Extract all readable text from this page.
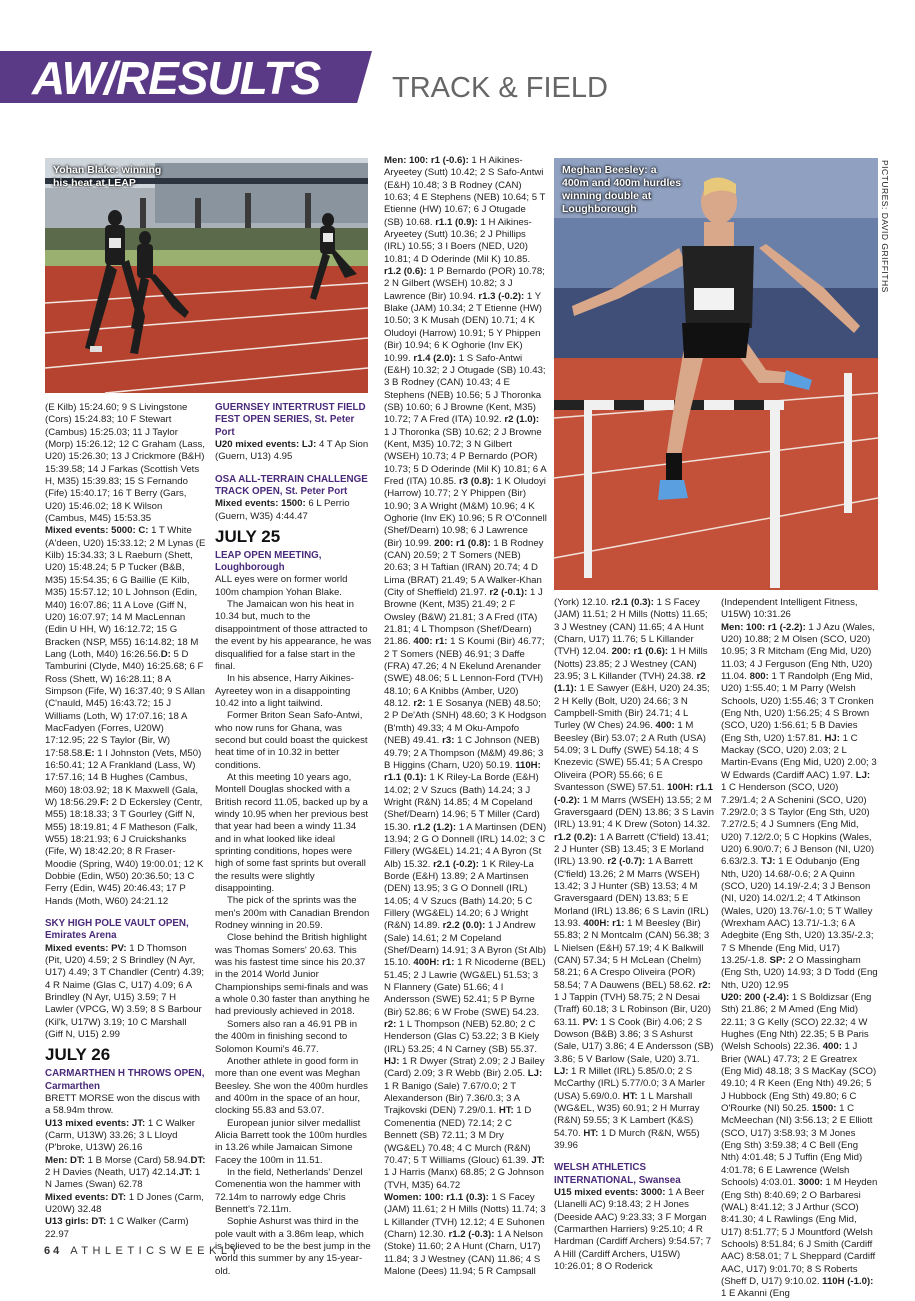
AW/RESULTS TRACK & FIELD
PICTURES: DAVID GRIFFITHS
Yohan Blake: winning
his heat at LEAP
Meghan Beesley: a
400m and 400m hurdles
winning double at
Loughborough

(E Kilb) 15:24.60; 9 S Livingstone (Cors) 15:24.83; 10 F Stewart (Cambus) 15:25.03; 11 J Taylor (Morp) 15:26.12; 12 C Graham (Lass, U20) 15:26.30; 13 J Crickmore (B&H) 15:39.58; 14 J Farkas (Scottish Vets H, M35) 15:39.83; 15 S Fernando (Fife) 15:40.17; 16 T Berry (Gars, U20) 15:46.02; 18 K Wilson (Cambus, M45) 15:53.35

Mixed events: 5000: C: 1 T White (A'deen, U20) 15:33.12; 2 M Lynas (E Kilb) 15:34.33; 3 L Raeburn (Shett, U20) 15:48.24; 5 P Tucker (B&B, M35) 15:54.35; 6 G Baillie (E Kilb, M35) 15:57.12; 10 L Johnson (Edin, M40) 16:07.86; 11 A Love (Giff N, U20) 16:07.97; 14 M MacLennan (Edin U HH, W) 16:12.72; 15 G Bracken (NSP, M55) 16:14.82; 18 M Lang (Loth, M40) 16:26.56.D: 5 D Tamburini (Clyde, M40) 16:25.68; 6 F Ross (Shett, W) 16:28.11; 8 A Simpson (Fife, W) 16:37.40; 9 S Allan (C'nauld, M45) 16:43.72; 15 J Williams (Loth, W) 17:07.16; 18 A MacFadyen (Forres, U20W) 17:12.95; 22 S Taylor (Bir, W) 17:58.58.E: 1 I Johnston (Vets, M50) 16:50.41; 12 A Frankland (Lass, W) 17:57.16; 14 B Hughes (Cambus, M60) 18:03.92; 18 K Maxwell (Gala, W) 18:56.29.F: 2 D Eckersley (Centr, M55) 18:18.33; 3 T Gourley (Giff N, M55) 18:19.81; 4 F Matheson (Falk, W55) 18:21.93; 6 J Cruickshanks (Fife, W) 18:42.20; 8 R Fraser-Moodie (Spring, W40) 19:00.01; 12 K Dobbie (Edin, W50) 20:36.50; 13 C Ferry (Edin, W45) 20:46.43; 17 P Hands (Moth, W60) 24:21.12

SKY HIGH POLE VAULT OPEN,

Emirates Arena

Mixed events: PV: 1 D Thomson (Pit, U20) 4.59; 2 S Brindley (N Ayr, U17) 4.49; 3 T Chandler (Centr) 4.39; 4 R Naime (Glas C, U17) 4.09; 6 A Brindley (N Ayr, U15) 3.59; 7 H Lawler (VPCG, W) 3.59; 8 S Barbour (Kil'k, U17W) 3.19; 10 C Marshall (Giff N, U15) 2.99

JULY 26

CARMARTHEN H THROWS OPEN,

Carmarthen

BRETT MORSE won the discus with a 58.94m throw.

U13 mixed events: JT: 1 C Walker (Carm, U13W) 33.26; 3 L Lloyd (P'broke, U13W) 26.16

Men: DT: 1 B Morse (Card) 58.94.DT: 2 H Davies (Neath, U17) 42.14.JT: 1 N James (Swan) 62.78

Mixed events: DT: 1 D Jones (Carm, U20W) 32.48

U13 girls: DT: 1 C Walker (Carm) 22.97

GUERNSEY INTERTRUST FIELD FEST OPEN SERIES, St. Peter Port

U20 mixed events: LJ: 4 T Ap Sion (Guern, U13) 4.95

OSA ALL-TERRAIN CHALLENGE TRACK OPEN, St. Peter Port

Mixed events: 1500: 6 L Perrio (Guern, W35) 4:44.47

JULY 25

LEAP OPEN MEETING, Loughborough

ALL eyes were on former world 100m champion Yohan Blake.

The Jamaican won his heat in 10.34 but, much to the disappointment of those attracted to the event by his appearance, he was disqualified for a false start in the final.

In his absence, Harry Aikines-Ayreetey won in a disappointing 10.42 into a light tailwind.

Former Briton Sean Safo-Antwi, who now runs for Ghana, was second but could boast the quickest heat time of in 10.32 in better conditions.

At this meeting 10 years ago, Montell Douglas shocked with a British record 11.05, backed up by a windy 10.95 when her previous best that year had been a windy 11.34 and in what looked like ideal sprinting conditions, hopes were high of some fast sprints but overall the results were slightly disappointing.

The pick of the sprints was the men's 200m with Canadian Brendon Rodney winning in 20.59.

Close behind the British highlight was Thomas Somers' 20.63. This was his fastest time since his 20.37 in the 2014 World Junior Championships semi-finals and was a whole 0.30 faster than anything he had previously achieved in 2018.

Somers also ran a 46.91 PB in the 400m in finishing second to Solomon Koumi's 46.77.

Another athlete in good form in more than one event was Meghan Beesley. She won the 400m hurdles and 400m in the space of an hour, clocking 55.83 and 53.07.

European junior silver medallist Alicia Barrett took the 100m hurdles in 13.26 while Jamaican Simone Facey the 100m in 11.51.

In the field, Netherlands' Denzel Comenentia won the hammer with 72.14m to narrowly edge Chris Bennett's 72.11m.

Sophie Ashurst was third in the pole vault with a 3.86m leap, which is believed to be the best jump in the world this summer by any 15-year-old.

Men: 100: r1 (-0.6): 1 H Aikines-Aryeetey (Sutt) 10.42; 2 S Safo-Antwi (E&H) 10.48; 3 B Rodney (CAN) 10.63; 4 E Stephens (NEB) 10.64; 5 T Etienne (HW) 10.67; 6 J Otugade (SB) 10.68. r1.1 (0.9): 1 H Aikines-Aryeetey (Sutt) 10.36; 2 J Phillips (IRL) 10.55; 3 I Boers (NED, U20) 10.81; 4 D Oderinde (Mil K) 10.85. r1.2 (0.6): 1 P Bernardo (POR) 10.78; 2 N Gilbert (WSEH) 10.82; 3 J Lawrence (Bir) 10.94. r1.3 (-0.2): 1 Y Blake (JAM) 10.34; 2 T Etienne (HW) 10.50; 3 K Musah (DEN) 10.71; 4 K Oludoyi (Harrow) 10.91; 5 Y Phippen (Bir) 10.94; 6 K Oghorie (Inv EK) 10.99. r1.4 (2.0): 1 S Safo-Antwi (E&H) 10.32; 2 J Otugade (SB) 10.43; 3 B Rodney (CAN) 10.43; 4 E Stephens (NEB) 10.56; 5 J Thoronka (SB) 10.60; 6 J Browne (Kent, M35) 10.72; 7 A Fred (ITA) 10.92. r2 (1.0): 1 J Thoronka (SB) 10.62; 2 J Browne (Kent, M35) 10.72; 3 N Gilbert (WSEH) 10.73; 4 P Bernardo (POR) 10.73; 5 D Oderinde (Mil K) 10.81; 6 A Fred (ITA) 10.85. r3 (0.8): 1 K Oludoyi (Harrow) 10.77; 2 Y Phippen (Bir) 10.90; 3 A Wright (M&M) 10.96; 4 K Oghorie (Inv EK) 10.96; 5 R O'Connell (Shef/Dearn) 10.98; 6 J Lawrence (Bir) 10.99. 200: r1 (0.8): 1 B Rodney (CAN) 20.59; 2 T Somers (NEB) 20.63; 3 H Taftian (IRAN) 20.74; 4 D Lima (BRAT) 21.49; 5 A Walker-Khan (City of Sheffield) 21.97. r2 (-0.1): 1 J Browne (Kent, M35) 21.49; 2 F Owsley (B&W) 21.81; 3 A Fred (ITA) 21.81; 4 L Thompson (Shef/Dearn) 21.86. 400: r1: 1 S Koumi (Bir) 46.77; 2 T Somers (NEB) 46.91; 3 Daffe (FRA) 47.26; 4 N Ekelund Arenander (SWE) 48.06; 5 L Lennon-Ford (TVH) 48.10; 6 A Knibbs (Amber, U20) 48.12. r2: 1 E Sosanya (NEB) 48.50; 2 P De'Ath (SNH) 48.60; 3 K Hodgson (B'mth) 49.33; 4 M Oku-Ampofo (NEB) 49.41. r3: 1 C Johnson (NEB) 49.79; 2 A Thompson (M&M) 49.86; 3 B Higgins (Charn, U20) 50.19. 110H: r1.1 (0.1): 1 K Riley-La Borde (E&H) 14.02; 2 V Szucs (Bath) 14.24; 3 J Wright (R&N) 14.85; 4 M Copeland (Shef/Dearn) 14.96; 5 T Miller (Card) 15.30. r1.2 (1.2): 1 A Martinsen (DEN) 13.94; 2 G O Donnell (IRL) 14.02; 3 C Fillery (WG&EL) 14.21; 4 A Byron (St Alb) 15.32. r2.1 (-0.2): 1 K Riley-La Borde (E&H) 13.89; 2 A Martinsen (DEN) 13.95; 3 G O Donnell (IRL) 14.05; 4 V Szucs (Bath) 14.20; 5 C Fillery (WG&EL) 14.20; 6 J Wright (R&N) 14.89. r2.2 (0.0): 1 J Andrew (Sale) 14.61; 2 M Copeland (Shef/Dearn) 14.91; 3 A Byron (St Alb) 15.10. 400H: r1: 1 R Nicoderne (BEL) 51.45; 2 J Lawrie (WG&EL) 51.53; 3 N Flannery (Gate) 51.66; 4 I Andersson (SWE) 52.41; 5 P Byrne (Bir) 52.86; 6 W Frobe (SWE) 54.23. r2: 1 L Thompson (NEB) 52.80; 2 C Henderson (Glas C) 53.22; 3 B Kiely (IRL) 53.25; 4 N Carney (SB) 55.37. HJ: 1 R Dwyer (Strat) 2.09; 2 J Bailey (Card) 2.09; 3 R Webb (Bir) 2.05. LJ: 1 R Banigo (Sale) 7.67/0.0; 2 T Alexanderson (Bir) 7.36/0.3; 3 A Trajkovski (DEN) 7.29/0.1. HT: 1 D Comenentia (NED) 72.14; 2 C Bennett (SB) 72.11; 3 M Dry (WG&EL) 70.48; 4 C Murch (R&N) 70.47; 5 T Williams (Glouc) 61.39. JT: 1 J Harris (Manx) 68.85; 2 G Johnson (TVH, M35) 64.72

Women: 100: r1.1 (0.3): 1 S Facey (JAM) 11.61; 2 H Mills (Notts) 11.74; 3 L Killander (TVH) 12.12; 4 E Suhonen (Charn) 12.30. r1.2 (-0.3): 1 A Nelson (Stoke) 11.60; 2 A Hunt (Charn, U17) 11.84; 3 J Westney (CAN) 11.86; 4 S Malone (Dees) 11.94; 5 R Campsall

(York) 12.10. r2.1 (0.3): 1 S Facey (JAM) 11.51; 2 H Mills (Notts) 11.65; 3 J Westney (CAN) 11.65; 4 A Hunt (Charn, U17) 11.76; 5 L Killander (TVH) 12.04. 200: r1 (0.6): 1 H Mills (Notts) 23.85; 2 J Westney (CAN) 23.95; 3 L Killander (TVH) 24.38. r2 (1.1): 1 E Sawyer (E&H, U20) 24.35; 2 H Kelly (Bolt, U20) 24.66; 3 N Campbell-Smith (Bir) 24.71; 4 L Turley (W Ches) 24.96. 400: 1 M Beesley (Bir) 53.07; 2 A Ruth (USA) 54.09; 3 L Duffy (SWE) 54.18; 4 S Knezevic (SWE) 55.41; 5 A Crespo Oliveira (POR) 55.66; 6 E Svantesson (SWE) 57.51. 100H: r1.1 (-0.2): 1 M Marrs (WSEH) 13.55; 2 M Graversgaard (DEN) 13.86; 3 S Lavin (IRL) 13.91; 4 K Drew (Soton) 14.32. r1.2 (0.2): 1 A Barrett (C'field) 13.41; 2 J Hunter (SB) 13.45; 3 E Morland (IRL) 13.90. r2 (-0.7): 1 A Barrett (C'field) 13.26; 2 M Marrs (WSEH) 13.42; 3 J Hunter (SB) 13.53; 4 M Graversgaard (DEN) 13.83; 5 E Morland (IRL) 13.86; 6 S Lavin (IRL) 13.93. 400H: r1: 1 M Beesley (Bir) 55.83; 2 N Montcalm (CAN) 56.38; 3 L Nielsen (E&H) 57.19; 4 K Balkwill (CAN) 57.34; 5 H McLean (Chelm) 58.21; 6 A Crespo Oliveira (POR) 58.54; 7 A Dauwens (BEL) 58.62. r2: 1 J Tappin (TVH) 58.75; 2 N Desai (Traff) 60.18; 3 L Robinson (Bir, U20) 63.11. PV: 1 S Cook (Bir) 4.06; 2 S Dowson (B&B) 3.86; 3 S Ashurst (Sale, U17) 3.86; 4 E Andersson (SB) 3.86; 5 V Barlow (Sale, U20) 3.71. LJ: 1 R Millet (IRL) 5.85/0.0; 2 S McCarthy (IRL) 5.77/0.0; 3 A Marler (USA) 5.69/0.0. HT: 1 L Marshall (WG&EL, W35) 60.91; 2 H Murray (R&N) 59.55; 3 K Lambert (K&S) 54.70. HT: 1 D Murch (R&N, W55) 39.96

WELSH ATHLETICS INTERNATIONAL, Swansea

U15 mixed events: 3000: 1 A Beer (Llanelli AC) 9:18.43; 2 H Jones (Deeside AAC) 9:23.33; 3 F Morgan (Carmarthen Harriers) 9:25.10; 4 R Hardman (Cardiff Archers) 9:54.57; 7 A Hill (Cardiff Archers, U15W) 10:26.01; 8 O Roderick

(Independent Intelligent Fitness, U15W) 10:31.26

Men: 100: r1 (-2.2): 1 J Azu (Wales, U20) 10.88; 2 M Olsen (SCO, U20) 10.95; 3 R Mitcham (Eng Mid, U20) 11.03; 4 J Ferguson (Eng Nth, U20) 11.04. 800: 1 T Randolph (Eng Mid, U20) 1:55.40; 1 M Parry (Welsh Schools, U20) 1:55.46; 3 T Cronken (Eng Nth, U20) 1:56.25; 4 S Brown (SCO, U20) 1:56.61; 5 B Davies (Eng Sth, U20) 1:57.81. HJ: 1 C Mackay (SCO, U20) 2.03; 2 L Martin-Evans (Eng Mid, U20) 2.00; 3 W Edwards (Cardiff AAC) 1.97. LJ: 1 C Henderson (SCO, U20) 7.29/1.4; 2 A Schenini (SCO, U20) 7.29/2.0; 3 S Taylor (Eng Sth, U20) 7.27/2.5; 4 J Sumners (Eng Mid, U20) 7.12/2.0; 5 C Hopkins (Wales, U20) 6.90/0.7; 6 J Benson (NI, U20) 6.63/2.3. TJ: 1 E Odubanjo (Eng Nth, U20) 14.68/-0.6; 2 A Quinn (SCO, U20) 14.19/-2.4; 3 J Benson (NI, U20) 14.02/1.2; 4 T Atkinson (Wales, U20) 13.76/-1.0; 5 T Walley (Wrexham AAC) 13.71/-1.3; 6 A Adegbite (Eng Sth, U20) 13.35/-2.3; 7 S Mhende (Eng Mid, U17) 13.25/-1.8. SP: 2 O Massingham (Eng Sth, U20) 14.93; 3 D Todd (Eng Nth, U20) 12.95

U20: 200 (-2.4): 1 S Boldizsar (Eng Sth) 21.86; 2 M Amed (Eng Mid) 22.11; 3 G Kelly (SCO) 22.32; 4 W Hughes (Eng Nth) 22.35; 5 B Paris (Welsh Schools) 22.36. 400: 1 J Brier (WAL) 47.73; 2 E Greatrex (Eng Mid) 48.18; 3 S MacKay (SCO) 49.10; 4 R Keen (Eng Nth) 49.26; 5 J Hubbock (Eng Sth) 49.80; 6 C O'Rourke (NI) 50.25. 1500: 1 C McMeechan (NI) 3:56.13; 2 E Elliott (SCO, U17) 3:58.93; 3 M Jones (Eng Sth) 3:59.38; 4 C Bell (Eng Nth) 4:01.48; 5 J Tuffin (Eng Mid) 4:01.78; 6 E Lawrence (Welsh Schools) 4:03.01. 3000: 1 M Heyden (Eng Sth) 8:40.69; 2 O Barbaresi (WAL) 8:41.12; 3 J Arthur (SCO) 8:41.30; 4 L Rawlings (Eng Mid, U17) 8:51.77; 5 J Mountford (Welsh Schools) 8:51.84; 6 J Smith (Cardiff AAC) 8:58.01; 7 L Sheppard (Cardiff AAC, U17) 9:01.70; 8 S Roberts (Sheff D, U17) 9:10.02. 110H (-1.0): 1 E Akanni (Eng

64 ATHLETICSWEEKLY
